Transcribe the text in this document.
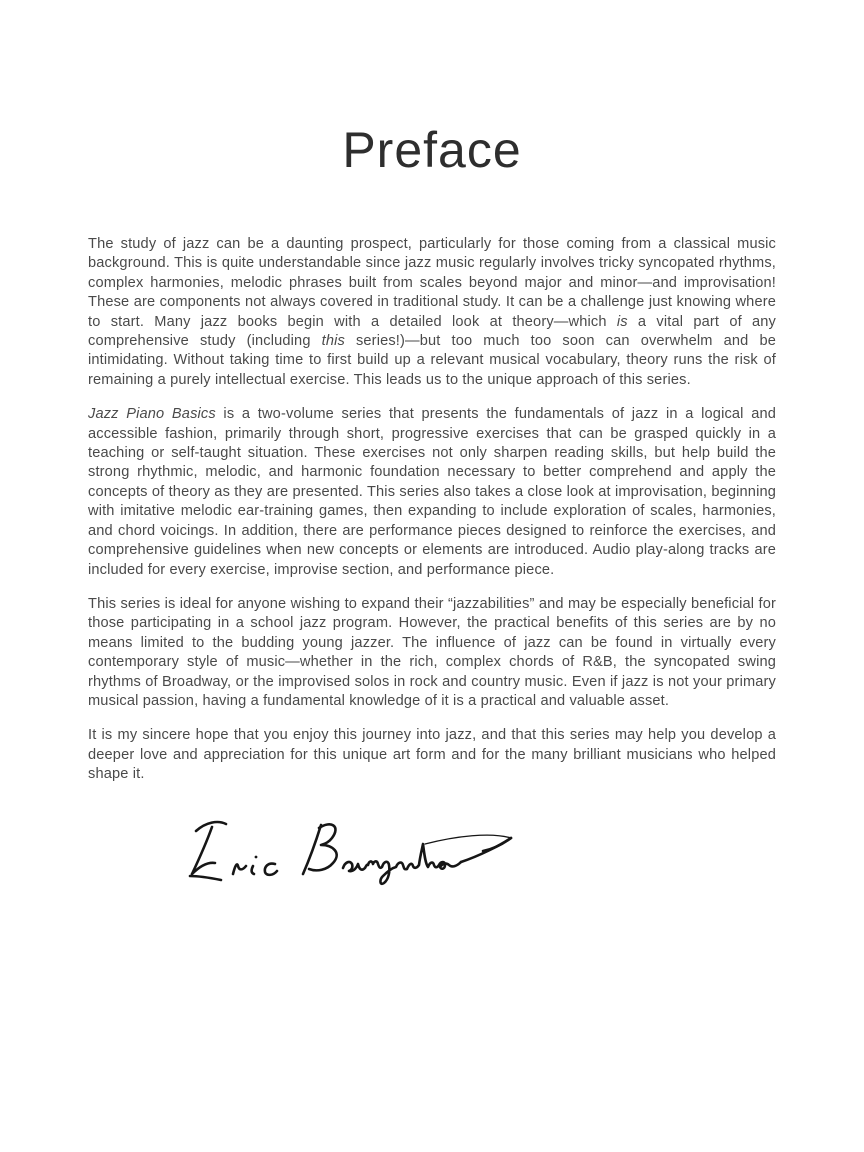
Preface

The study of jazz can be a daunting prospect, particularly for those coming from a classical music background. This is quite understandable since jazz music regularly involves tricky syncopated rhythms, complex harmonies, melodic phrases built from scales beyond major and minor—and improvisation! These are components not always covered in traditional study. It can be a challenge just knowing where to start. Many jazz books begin with a detailed look at theory—which is a vital part of any comprehensive study (including this series!)—but too much too soon can overwhelm and be intimidating. Without taking time to first build up a relevant musical vocabulary, theory runs the risk of remaining a purely intellectual exercise. This leads us to the unique approach of this series.

Jazz Piano Basics is a two-volume series that presents the fundamentals of jazz in a logical and accessible fashion, primarily through short, progressive exercises that can be grasped quickly in a teaching or self-taught situation. These exercises not only sharpen reading skills, but help build the strong rhythmic, melodic, and harmonic foundation necessary to better comprehend and apply the concepts of theory as they are presented. This series also takes a close look at improvisation, beginning with imitative melodic ear-training games, then expanding to include exploration of scales, harmonies, and chord voicings. In addition, there are performance pieces designed to reinforce the exercises, and comprehensive guidelines when new concepts or elements are introduced. Audio play-along tracks are included for every exercise, improvise section, and performance piece.

This series is ideal for anyone wishing to expand their “jazzabilities” and may be especially beneficial for those participating in a school jazz program. However, the practical benefits of this series are by no means limited to the budding young jazzer. The influence of jazz can be found in virtually every contemporary style of music—whether in the rich, complex chords of R&B, the syncopated swing rhythms of Broadway, or the improvised solos in rock and country music. Even if jazz is not your primary musical passion, having a fundamental knowledge of it is a practical and valuable asset.

It is my sincere hope that you enjoy this journey into jazz, and that this series may help you develop a deeper love and appreciation for this unique art form and for the many brilliant musicians who helped shape it.
